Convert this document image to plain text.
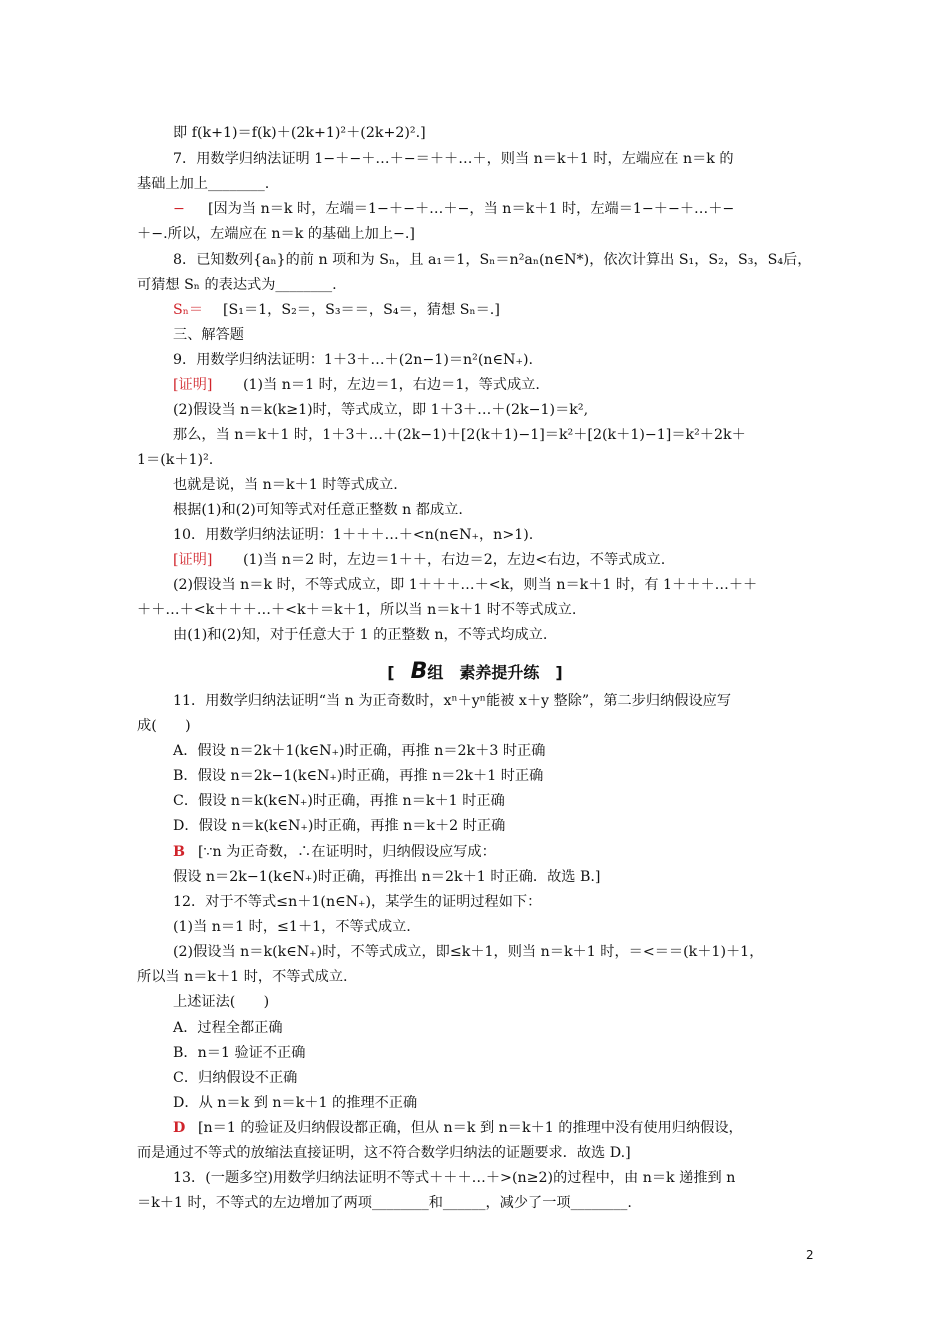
即 f(k+1)＝f(k)＋(2k+1)²＋(2k+2)².]
7．用数学归纳法证明 1−＋−＋…＋−＝＋＋…＋，则当 n＝k＋1 时，左端应在 n＝k 的
基础上加上________.
− [因为当 n＝k 时，左端＝1−＋−＋…＋−，当 n＝k＋1 时，左端＝1−＋−＋…＋−
＋−.所以，左端应在 n＝k 的基础上加上−.]
8．已知数列{aₙ}的前 n 项和为 Sₙ，且 a₁＝1，Sₙ＝n²aₙ(n∈N*)，依次计算出 S₁，S₂，S₃，S₄后，
可猜想 Sₙ 的表达式为________.
Sₙ＝ [S₁＝1，S₂＝，S₃＝＝，S₄＝，猜想 Sₙ＝.]
三、解答题
9．用数学归纳法证明：1＋3＋…＋(2n−1)＝n²(n∈N₊).
[证明] (1)当 n＝1 时，左边＝1，右边＝1，等式成立.
(2)假设当 n＝k(k≥1)时，等式成立，即 1＋3＋…＋(2k−1)＝k²,
那么，当 n＝k＋1 时，1＋3＋…＋(2k−1)＋[2(k＋1)−1]＝k²＋[2(k＋1)−1]＝k²＋2k＋
1＝(k＋1)².
也就是说，当 n＝k＋1 时等式成立.
根据(1)和(2)可知等式对任意正整数 n 都成立.
10．用数学归纳法证明：1＋＋＋…＋<n(n∈N₊，n>1).
[证明] (1)当 n＝2 时，左边＝1＋＋，右边＝2，左边<右边，不等式成立.
(2)假设当 n＝k 时，不等式成立，即 1＋＋＋…＋<k，则当 n＝k＋1 时，有 1＋＋＋…＋＋
＋＋…＋<k＋＋＋…＋<k＋＝k＋1，所以当 n＝k＋1 时不等式成立.
由(1)和(2)知，对于任意大于 1 的正整数 n，不等式均成立.
11．用数学归纳法证明“当 n 为正奇数时，xⁿ＋yⁿ能被 x＋y 整除”，第二步归纳假设应写
成(　　)
A．假设 n＝2k＋1(k∈N₊)时正确，再推 n＝2k＋3 时正确
B．假设 n＝2k−1(k∈N₊)时正确，再推 n＝2k＋1 时正确
C．假设 n＝k(k∈N₊)时正确，再推 n＝k＋1 时正确
D．假设 n＝k(k∈N₊)时正确，再推 n＝k＋2 时正确
B [∵n 为正奇数，∴在证明时，归纳假设应写成：
假设 n＝2k−1(k∈N₊)时正确，再推出 n＝2k＋1 时正确．故选 B.]
12．对于不等式≤n＋1(n∈N₊)，某学生的证明过程如下：
(1)当 n＝1 时，≤1＋1，不等式成立.
(2)假设当 n＝k(k∈N₊)时，不等式成立，即≤k＋1，则当 n＝k＋1 时，＝<＝＝(k＋1)＋1，
所以当 n＝k＋1 时，不等式成立.
上述证法(　　)
A．过程全都正确
B．n＝1 验证不正确
C．归纳假设不正确
D．从 n＝k 到 n＝k＋1 的推理不正确
D [n＝1 的验证及归纳假设都正确，但从 n＝k 到 n＝k＋1 的推理中没有使用归纳假设，
而是通过不等式的放缩法直接证明，这不符合数学归纳法的证题要求．故选 D.]
13．(一题多空)用数学归纳法证明不等式＋＋＋…＋>(n≥2)的过程中，由 n＝k 递推到 n
＝k＋1 时，不等式的左边增加了两项________和______，减少了一项________.
[　B组　素养提升练　]
2
